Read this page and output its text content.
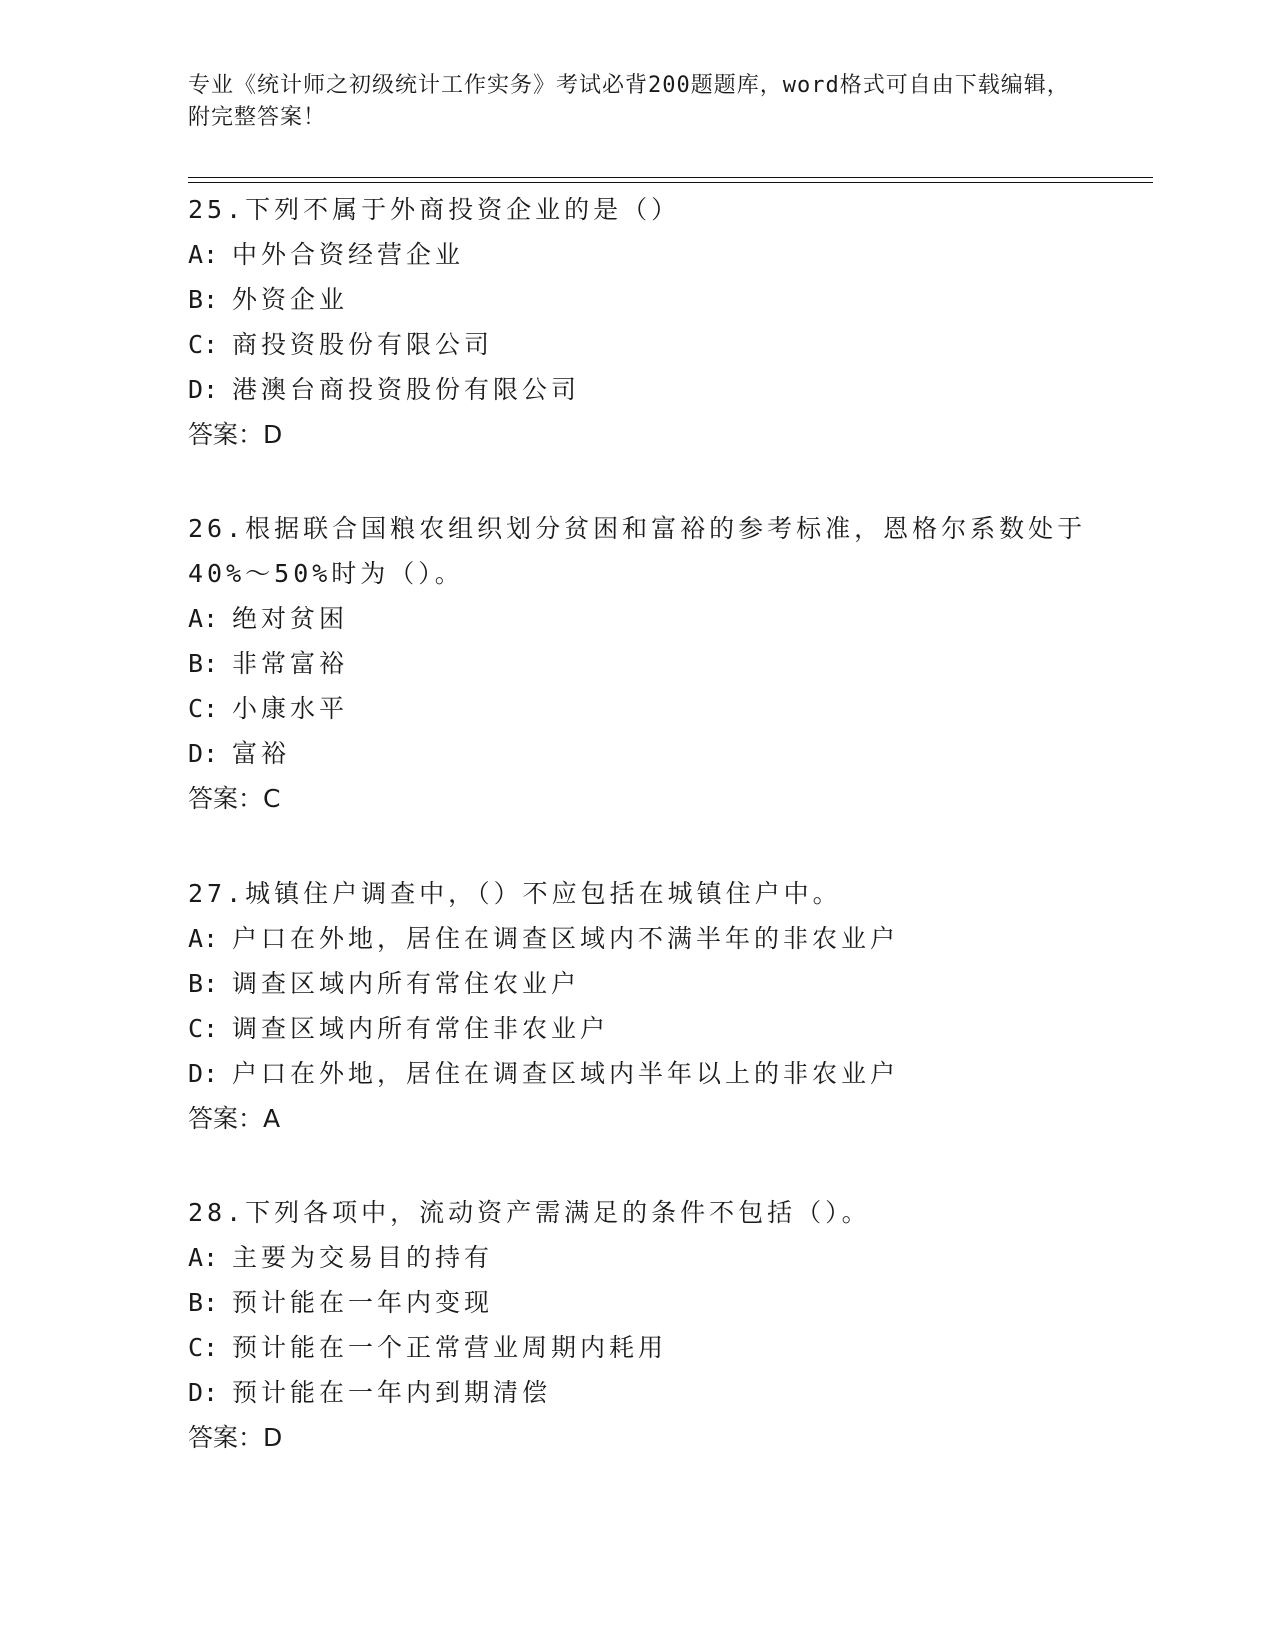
专业《统计师之初级统计工作实务》考试必背200题题库，word格式可自由下载编辑，附完整答案！
25.下列不属于外商投资企业的是（）
A: 中外合资经营企业
B: 外资企业
C: 商投资股份有限公司
D: 港澳台商投资股份有限公司
答案：D
26.根据联合国粮农组织划分贫困和富裕的参考标准，恩格尔系数处于40%～50%时为（）。
A: 绝对贫困
B: 非常富裕
C: 小康水平
D: 富裕
答案：C
27.城镇住户调查中，（）不应包括在城镇住户中。
A: 户口在外地，居住在调查区域内不满半年的非农业户
B: 调查区域内所有常住农业户
C: 调查区域内所有常住非农业户
D: 户口在外地，居住在调查区域内半年以上的非农业户
答案：A
28.下列各项中，流动资产需满足的条件不包括（）。
A: 主要为交易目的持有
B: 预计能在一年内变现
C: 预计能在一个正常营业周期内耗用
D: 预计能在一年内到期清偿
答案：D
